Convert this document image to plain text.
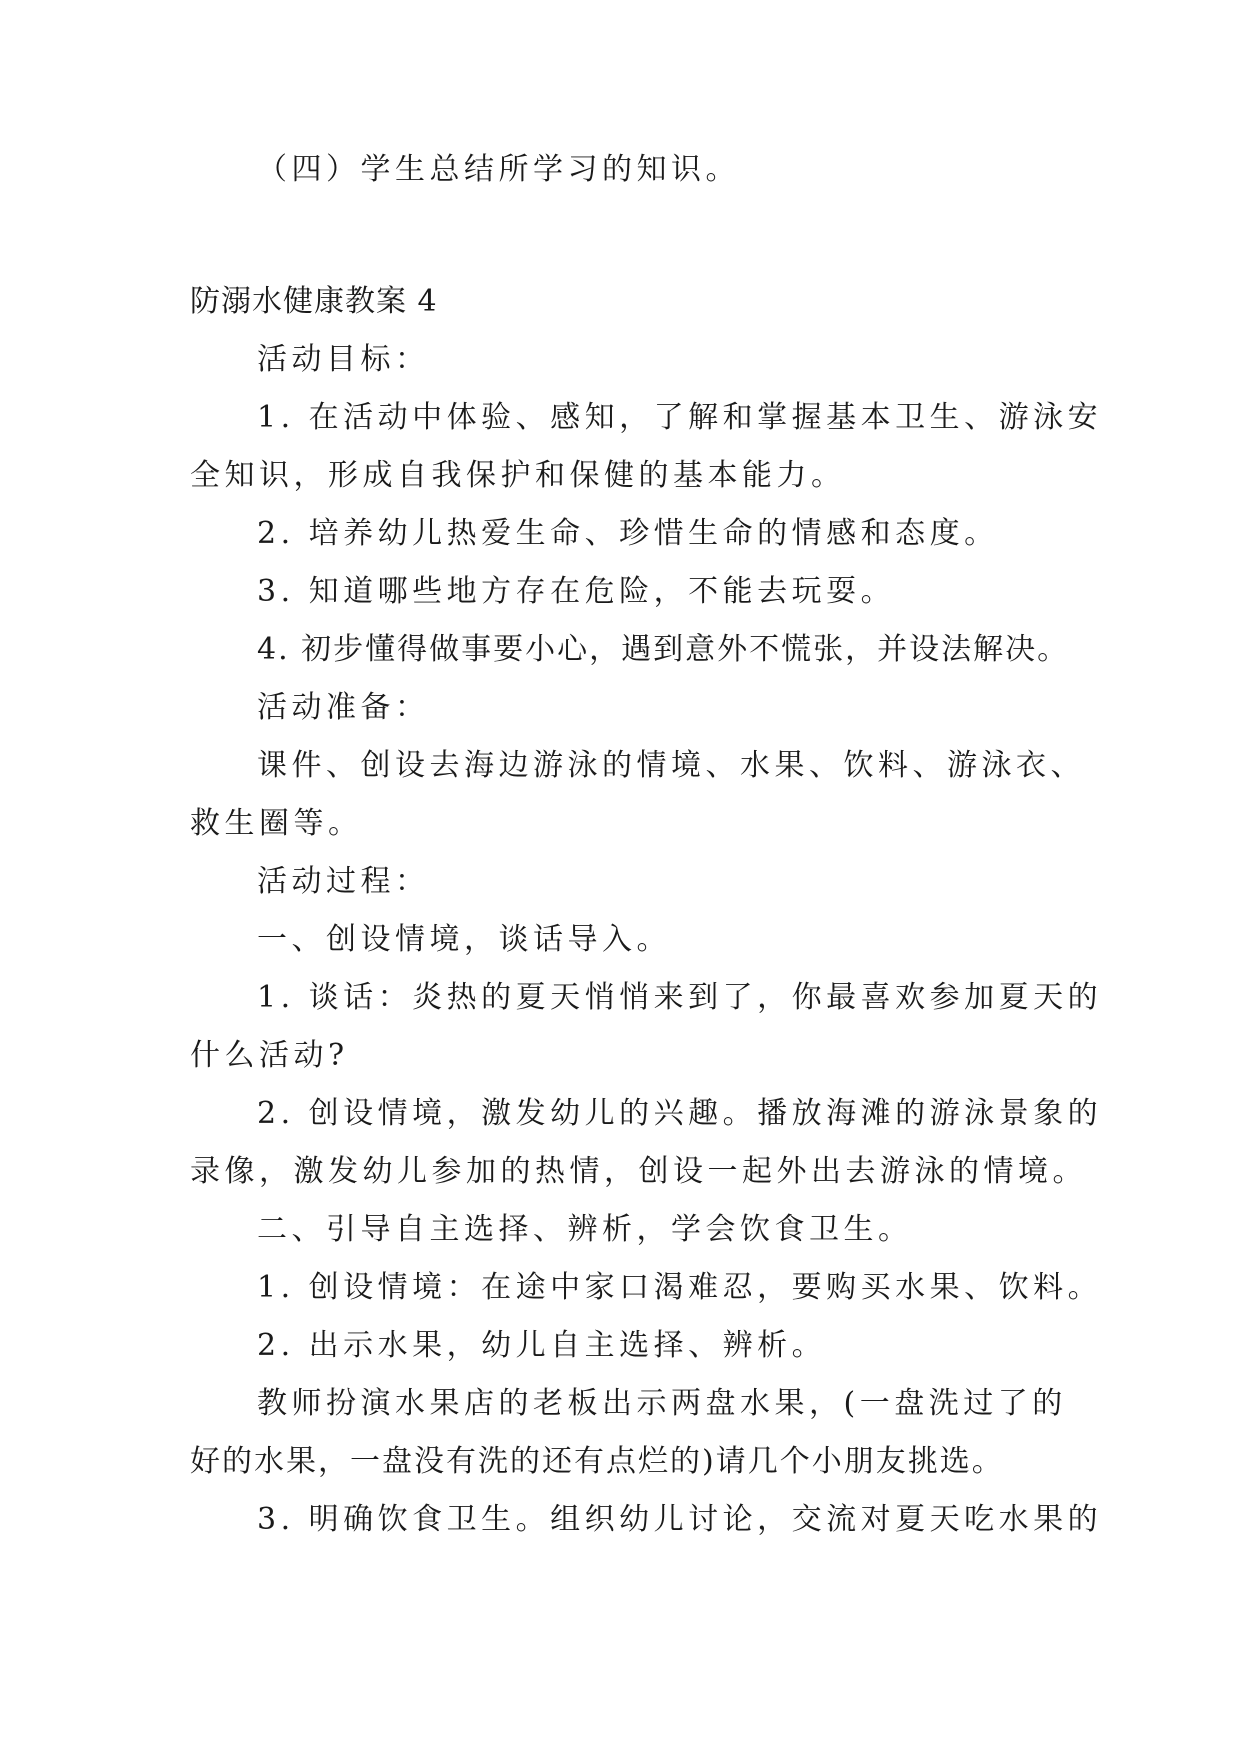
（四）学生总结所学习的知识。
防溺水健康教案 4
活动目标：
1. 在活动中体验、感知，了解和掌握基本卫生、游泳安
全知识，形成自我保护和保健的基本能力。
2. 培养幼儿热爱生命、珍惜生命的情感和态度。
3. 知道哪些地方存在危险，不能去玩耍。
4. 初步懂得做事要小心，遇到意外不慌张，并设法解决。
活动准备：
课件、创设去海边游泳的情境、水果、饮料、游泳衣、
救生圈等。
活动过程：
一、创设情境，谈话导入。
1. 谈话：炎热的夏天悄悄来到了，你最喜欢参加夏天的
什么活动?
2. 创设情境，激发幼儿的兴趣。播放海滩的游泳景象的
录像，激发幼儿参加的热情，创设一起外出去游泳的情境。
二、引导自主选择、辨析，学会饮食卫生。
1. 创设情境：在途中家口渴难忍，要购买水果、饮料。
2. 出示水果，幼儿自主选择、辨析。
教师扮演水果店的老板出示两盘水果，(一盘洗过了的
好的水果，一盘没有洗的还有点烂的)请几个小朋友挑选。
3. 明确饮食卫生。组织幼儿讨论，交流对夏天吃水果的
